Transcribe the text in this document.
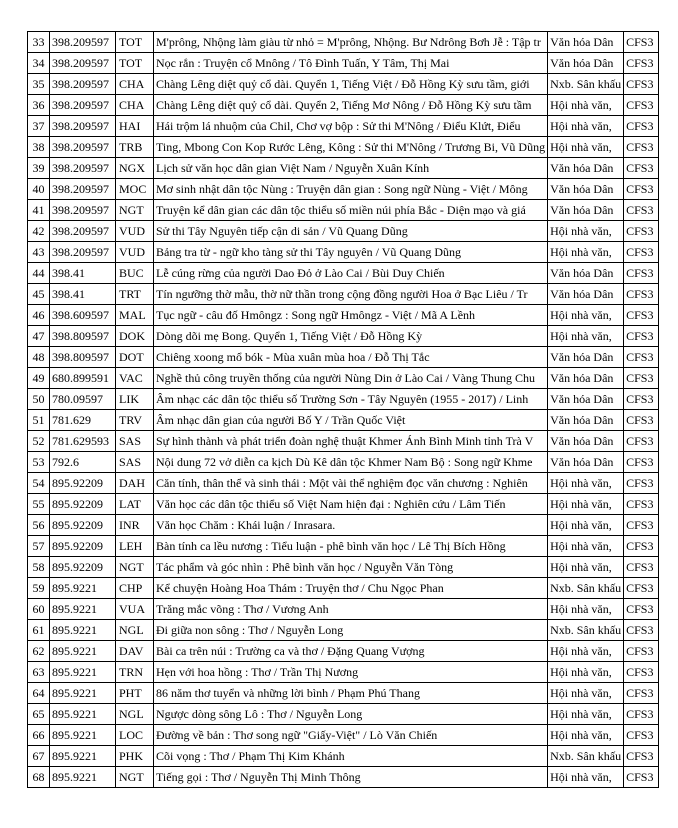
33	398.209597	TOT	M'prông, Nhộng làm giàu từ nhỏ = M'prông, Nhộng. Bư Ndrông Bơh Jễ : Tập tr	Văn hóa Dân	CFS3
34	398.209597	TOT	Nọc rắn : Truyện cổ Mnông / Tô Đình Tuấn, Y Tâm, Thị Mai	Văn hóa Dân	CFS3
35	398.209597	CHA	Chàng Lêng diệt quỷ cổ dài. Quyển 1, Tiếng Việt / Đỗ Hồng Kỳ sưu tầm, giới	Nxb. Sân khấu	CFS3
36	398.209597	CHA	Chàng Lêng diệt quỷ cổ dài. Quyển 2, Tiếng Mơ Nông / Đỗ Hồng Kỳ sưu tầm	Hội nhà văn,	CFS3
37	398.209597	HAI	Hái trộm lá nhuộm của Chil, Chơ vợ bộp : Sử thi M'Nông / Điểu Klứt, Điểu	Hội nhà văn,	CFS3
38	398.209597	TRB	Ting, Mbong Con Kop Rước Lêng, Kông : Sử thi M'Nông / Trương Bi, Vũ Dũng	Hội nhà văn,	CFS3
39	398.209597	NGX	Lịch sử văn học dân gian Việt Nam / Nguyễn Xuân Kính	Văn hóa Dân	CFS3
40	398.209597	MOC	Mơ sinh nhật dân tộc Nùng : Truyện dân gian : Song ngữ Nùng - Việt / Mông	Văn hóa Dân	CFS3
41	398.209597	NGT	Truyện kể dân gian các dân tộc thiểu số miền núi phía Bắc - Diện mạo và giá	Văn hóa Dân	CFS3
42	398.209597	VUD	Sử thi Tây Nguyên tiếp cận di sản / Vũ Quang Dũng	Hội nhà văn,	CFS3
43	398.209597	VUD	Bảng tra từ - ngữ kho tàng sử thi Tây nguyên / Vũ Quang Dũng	Hội nhà văn,	CFS3
44	398.41	BUC	Lễ cúng rừng của người Dao Đỏ ở Lào Cai / Bùi Duy Chiến	Văn hóa Dân	CFS3
45	398.41	TRT	Tín ngưỡng thờ mẫu, thờ nữ thần trong cộng đồng người Hoa ở Bạc Liêu / Tr	Văn hóa Dân	CFS3
46	398.609597	MAL	Tục ngữ - câu đố Hmôngz : Song ngữ Hmôngz - Việt / Mã A Lềnh	Hội nhà văn,	CFS3
47	398.809597	DOK	Dòng dõi mẹ Bong. Quyển 1, Tiếng Việt / Đỗ Hồng Kỳ	Hội nhà văn,	CFS3
48	398.809597	DOT	Chiêng xoong mổ bók - Mùa xuân mùa hoa / Đỗ Thị Tắc	Văn hóa Dân	CFS3
49	680.899591	VAC	Nghề thủ công truyền thống của người Nùng Din ở Lào Cai / Vàng Thung Chu	Văn hóa Dân	CFS3
50	780.09597	LIK	Âm nhạc các dân tộc thiểu số Trường Sơn - Tây Nguyên (1955 - 2017) / Linh	Văn hóa Dân	CFS3
51	781.629	TRV	Âm nhạc dân gian của người Bố Y / Trần Quốc Việt	Văn hóa Dân	CFS3
52	781.629593	SAS	Sự hình thành và phát triển đoàn nghệ thuật Khmer Ánh Bình Minh tỉnh Trà V	Văn hóa Dân	CFS3
53	792.6	SAS	Nội dung 72 vở diễn ca kịch Dù Kê dân tộc Khmer Nam Bộ : Song ngữ Khme	Văn hóa Dân	CFS3
54	895.92209	DAH	Căn tính, thân thể và sinh thái : Một vài thể nghiệm đọc văn chương : Nghiên	Hội nhà văn,	CFS3
55	895.92209	LAT	Văn học các dân tộc thiểu số Việt Nam hiện đại : Nghiên cứu / Lâm Tiến	Hội nhà văn,	CFS3
56	895.92209	INR	Văn học Chăm : Khái luận / Inrasara.	Hội nhà văn,	CFS3
57	895.92209	LEH	Bàn tính ca lều nương : Tiểu luận - phê bình văn học / Lê Thị Bích Hồng	Hội nhà văn,	CFS3
58	895.92209	NGT	Tác phẩm và góc nhìn : Phê bình văn học / Nguyễn Văn Tòng	Hội nhà văn,	CFS3
59	895.9221	CHP	Kể chuyện Hoàng Hoa Thám : Truyện thơ / Chu Ngọc Phan	Nxb. Sân khấu	CFS3
60	895.9221	VUA	Trăng mắc võng : Thơ / Vương Anh	Hội nhà văn,	CFS3
61	895.9221	NGL	Đi giữa non sông : Thơ / Nguyễn Long	Nxb. Sân khấu	CFS3
62	895.9221	DAV	Bài ca trên núi : Trường ca và thơ / Đặng Quang Vượng	Hội nhà văn,	CFS3
63	895.9221	TRN	Hẹn với hoa hồng : Thơ / Trần Thị Nương	Hội nhà văn,	CFS3
64	895.9221	PHT	86 năm thơ tuyển và những lời bình / Phạm Phú Thang	Hội nhà văn,	CFS3
65	895.9221	NGL	Ngược dòng sông Lô : Thơ / Nguyễn Long	Hội nhà văn,	CFS3
66	895.9221	LOC	Đường về bản : Thơ song ngữ "Giấy-Việt" / Lò Văn Chiến	Hội nhà văn,	CFS3
67	895.9221	PHK	Cõi vọng : Thơ / Phạm Thị Kim Khánh	Nxb. Sân khấu	CFS3
68	895.9221	NGT	Tiếng gọi : Thơ / Nguyễn Thị Minh Thông	Hội nhà văn,	CFS3
